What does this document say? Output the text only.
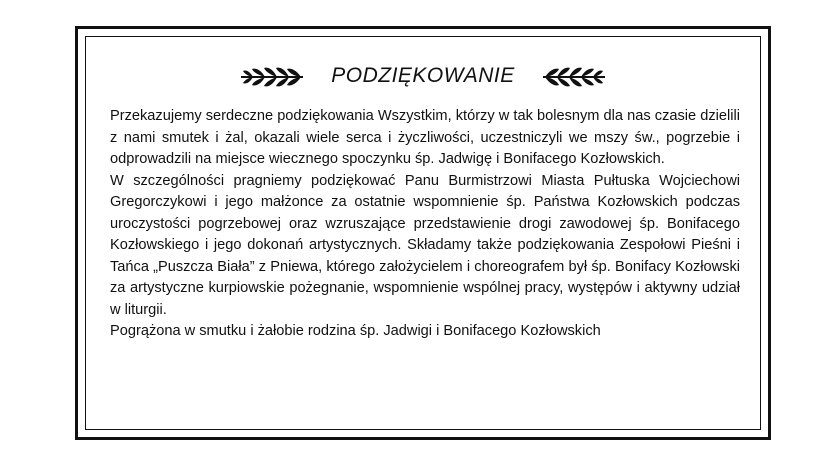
PODZIĘKOWANIE

Przekazujemy serdeczne podziękowania Wszystkim, którzy w tak bolesnym dla nas czasie dzielili z nami smutek i żal, okazali wiele serca i życzliwości, uczestniczyli we mszy św., pogrzebie i odprowadzili na miejsce wiecznego spoczynku śp. Jadwigę i Bonifacego Kozłowskich.

W szczególności pragniemy podziękować Panu Burmistrzowi Miasta Pułtuska Wojciechowi Gregorczykowi i jego małżonce za ostatnie wspomnienie śp. Państwa Kozłowskich podczas uroczystości pogrzebowej oraz wzruszające przedstawienie drogi zawodowej śp. Bonifacego Kozłowskiego i jego dokonań artystycznych. Składamy także podziękowania Zespołowi Pieśni i Tańca „Puszcza Biała” z Pniewa, którego założycielem i choreografem był śp. Bonifacy Kozłowski za artystyczne kurpiowskie pożegnanie, wspomnienie wspólnej pracy, występów i aktywny udział w liturgii.

Pogrążona w smutku i żałobie rodzina śp. Jadwigi i Bonifacego Kozłowskich
